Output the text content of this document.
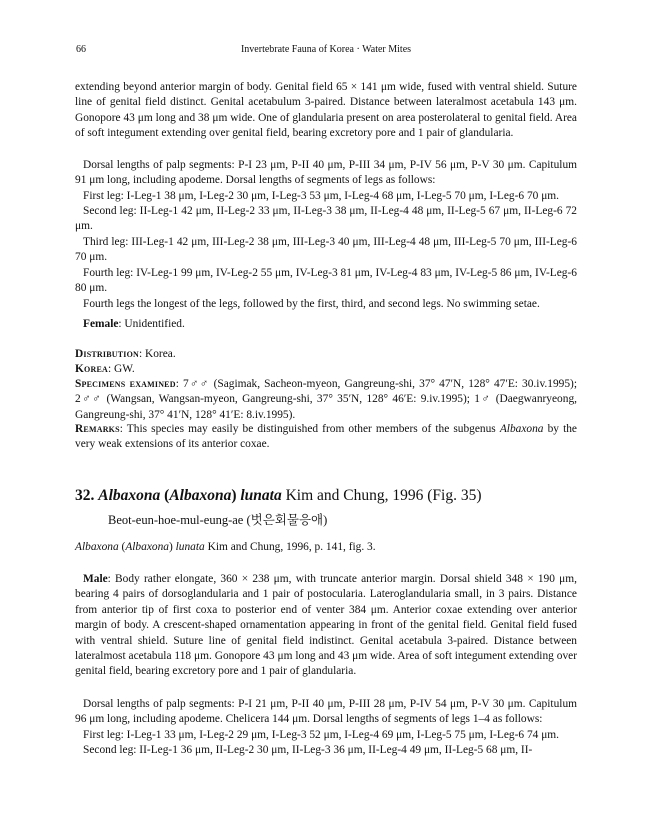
66	Invertebrate Fauna of Korea · Water Mites

extending beyond anterior margin of body. Genital field 65 × 141 μm wide, fused with ventral shield. Suture line of genital field distinct. Genital acetabulum 3-paired. Distance between lateralmost acetabula 143 μm. Gonopore 43 μm long and 38 μm wide. One of glandularia present on area posterolateral to genital field. Area of soft integument extending over genital field, bearing excretory pore and 1 pair of glandularia.

Dorsal lengths of palp segments: P-I 23 μm, P-II 40 μm, P-III 34 μm, P-IV 56 μm, P-V 30 μm. Capitulum 91 μm long, including apodeme. Dorsal lengths of segments of legs as follows:

First leg: I-Leg-1 38 μm, I-Leg-2 30 μm, I-Leg-3 53 μm, I-Leg-4 68 μm, I-Leg-5 70 μm, I-Leg-6 70 μm.

Second leg: II-Leg-1 42 μm, II-Leg-2 33 μm, II-Leg-3 38 μm, II-Leg-4 48 μm, II-Leg-5 67 μm, II-Leg-6 72 μm.

Third leg: III-Leg-1 42 μm, III-Leg-2 38 μm, III-Leg-3 40 μm, III-Leg-4 48 μm, III-Leg-5 70 μm, III-Leg-6 70 μm.

Fourth leg: IV-Leg-1 99 μm, IV-Leg-2 55 μm, IV-Leg-3 81 μm, IV-Leg-4 83 μm, IV-Leg-5 86 μm, IV-Leg-6 80 μm.

Fourth legs the longest of the legs, followed by the first, third, and second legs. No swimming setae.

Female: Unidentified.

Distribution: Korea.

Korea: GW.

Specimens examined: 7♂♂ (Sagimak, Sacheon-myeon, Gangreung-shi, 37° 47′N, 128° 47′E: 30.iv.1995); 2♂♂ (Wangsan, Wangsan-myeon, Gangreung-shi, 37° 35′N, 128° 46′E: 9.iv.1995); 1♂ (Daegwanryeong, Gangreung-shi, 37° 41′N, 128° 41′E: 8.iv.1995).

Remarks: This species may easily be distinguished from other members of the subgenus Albaxona by the very weak extensions of its anterior coxae.

32. Albaxona (Albaxona) lunata Kim and Chung, 1996 (Fig. 35)
Beot-eun-hoe-mul-eung-ae (벗은회물응애)

Albaxona (Albaxona) lunata Kim and Chung, 1996, p. 141, fig. 3.

Male: Body rather elongate, 360 × 238 μm, with truncate anterior margin. Dorsal shield 348 × 190 μm, bearing 4 pairs of dorsoglandularia and 1 pair of postocularia. Lateroglandularia small, in 3 pairs. Distance from anterior tip of first coxa to posterior end of venter 384 μm. Anterior coxae extending over anterior margin of body. A crescent-shaped ornamentation appearing in front of the genital field. Genital field fused with ventral shield. Suture line of genital field indistinct. Genital acetabula 3-paired. Distance between lateralmost acetabula 118 μm. Gonopore 43 μm long and 43 μm wide. Area of soft integument extending over genital field, bearing excretory pore and 1 pair of glandularia.

Dorsal lengths of palp segments: P-I 21 μm, P-II 40 μm, P-III 28 μm, P-IV 54 μm, P-V 30 μm. Capitulum 96 μm long, including apodeme. Chelicera 144 μm. Dorsal lengths of segments of legs 1–4 as follows:

First leg: I-Leg-1 33 μm, I-Leg-2 29 μm, I-Leg-3 52 μm, I-Leg-4 69 μm, I-Leg-5 75 μm, I-Leg-6 74 μm.

Second leg: II-Leg-1 36 μm, II-Leg-2 30 μm, II-Leg-3 36 μm, II-Leg-4 49 μm, II-Leg-5 68 μm, II-
